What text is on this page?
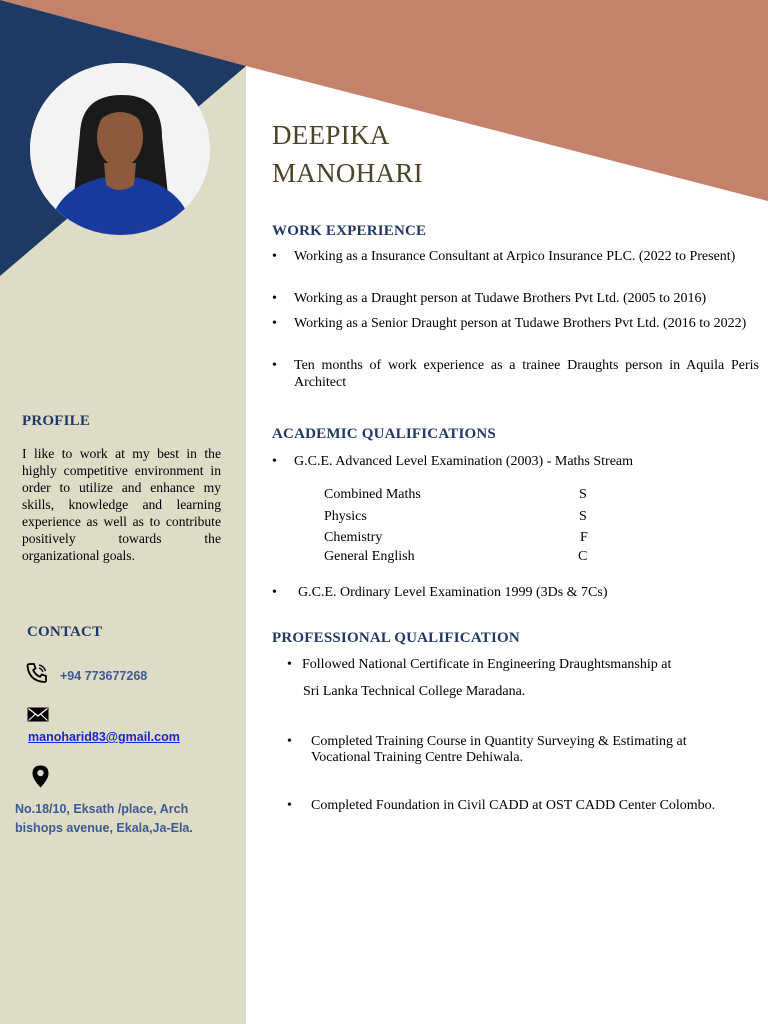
DEEPIKA
MANOHARI
PROFILE
I like to work at my best in the highly competitive environment in order to utilize and enhance my skills, knowledge and learning experience as well as to contribute positively towards the organizational goals.
CONTACT
+94 773677268
manoharid83@gmail.com
No.18/10, Eksath /place, Arch
bishops avenue, Ekala,Ja-Ela.
WORK EXPERIENCE
• Working as a Insurance Consultant at Arpico Insurance PLC. (2022 to Present)
• Working as a Draught person at Tudawe Brothers Pvt Ltd. (2005 to 2016)
• Working as a Senior Draught person at Tudawe Brothers Pvt Ltd. (2016 to 2022)
• Ten months of work experience as a trainee Draughts person in Aquila Peris Architect
ACADEMIC QUALIFICATIONS
• G.C.E. Advanced Level Examination (2003) - Maths Stream
Combined Maths	S
Physics	S
Chemistry	F
General English	C
• G.C.E. Ordinary Level Examination 1999 (3Ds & 7Cs)
PROFESSIONAL QUALIFICATION
• Followed National Certificate in Engineering Draughtsmanship at
Sri Lanka Technical College Maradana.
• Completed Training Course in Quantity Surveying & Estimating at
Vocational Training Centre Dehiwala.
• Completed Foundation in Civil CADD at OST CADD Center Colombo.
